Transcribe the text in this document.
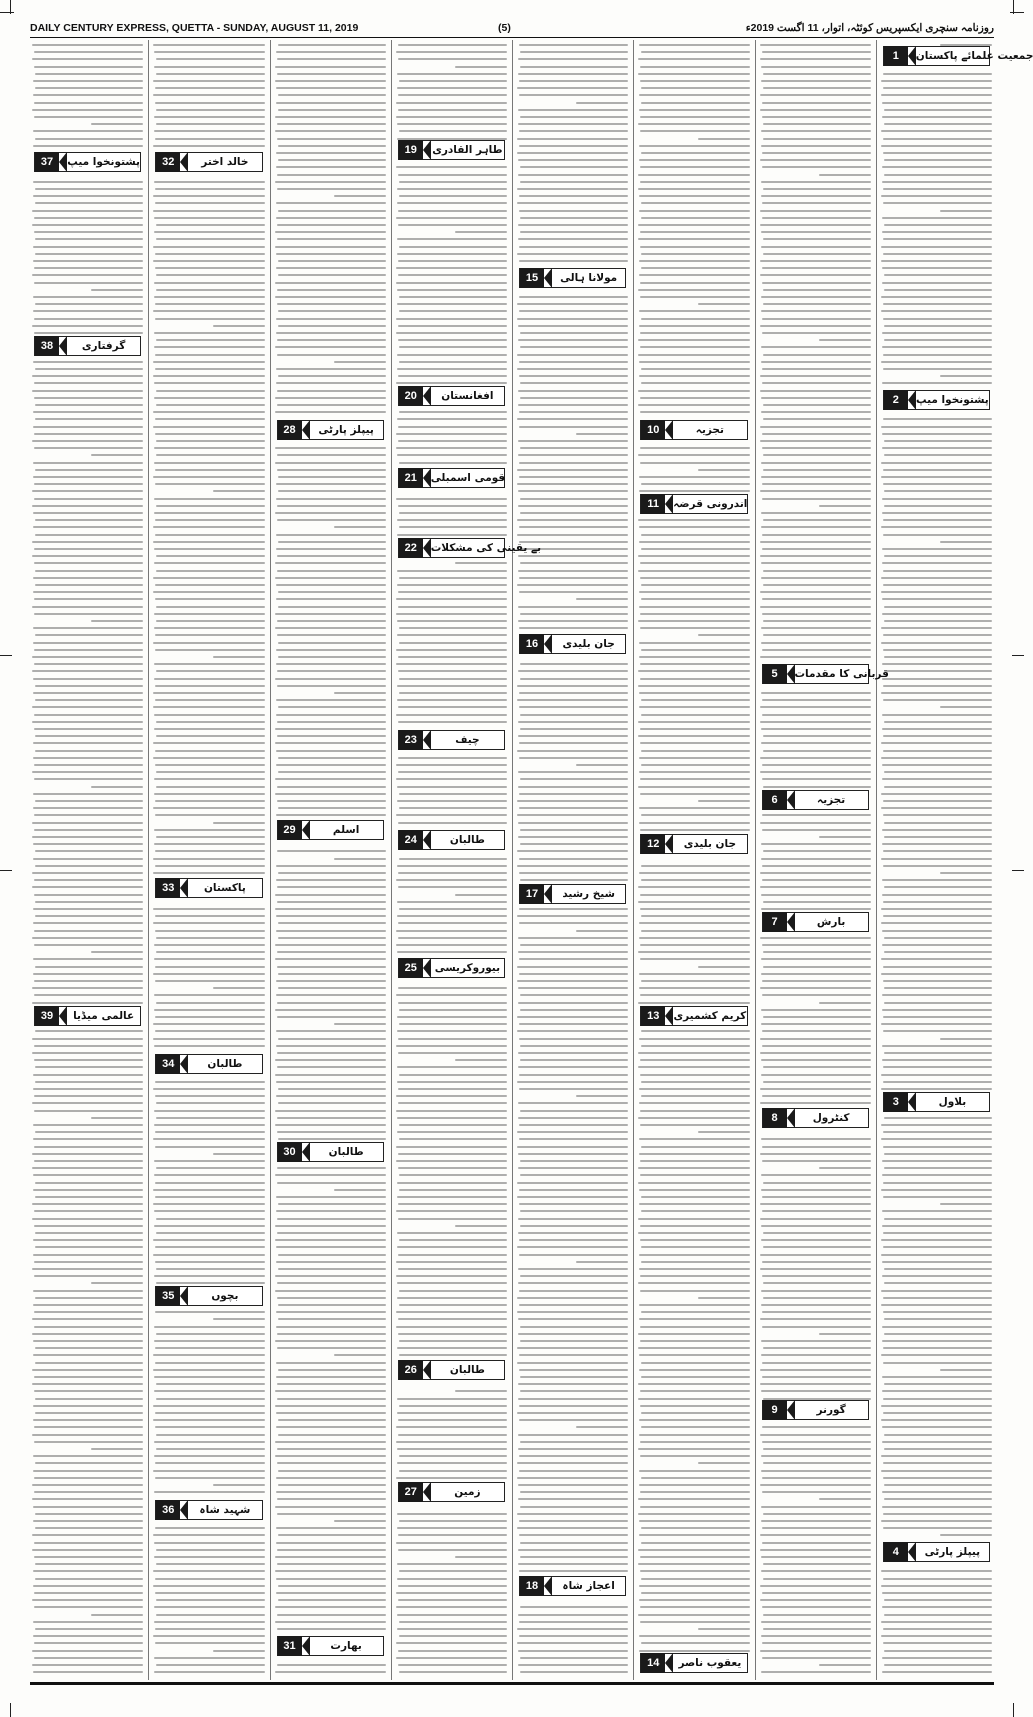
DAILY CENTURY EXPRESS, QUETTA - SUNDAY, AUGUST 11, 2019	(5)	روزنامہ سنچری ایکسپریس کوئٹہ، اتوار، 11 اگست 2019ء
1	جمعیت علمائے پاکستان
2	پشتونخوا میپ
3	بلاول
4	پیپلز پارٹی
5	قربانی کا مقدمات
6	تجزیہ
7	بارش
8	کنٹرول
9	گورنر
10	تجزیہ
11	اندرونی قرضہ
12	جان بلیدی
13	کریم کشمیری
14	یعقوب ناصر
15	مولانا ہالی
16	جان بلیدی
17	شیخ رشید
18	اعجاز شاہ
19	طاہر القادری
20	افغانستان
21	قومی اسمبلی
22	بے یقینی کی مشکلات
23	چیف
24	طالبان
25	بیوروکریسی
26	طالبان
27	زمین
28	پیپلز پارٹی
29	اسلم
30	طالبان
31	بھارت
32	خالد اختر
33	پاکستان
34	طالبان
35	بچوں
36	شہید شاہ
37	پشتونخوا میپ
38	گرفتاری
39	عالمی میڈیا
